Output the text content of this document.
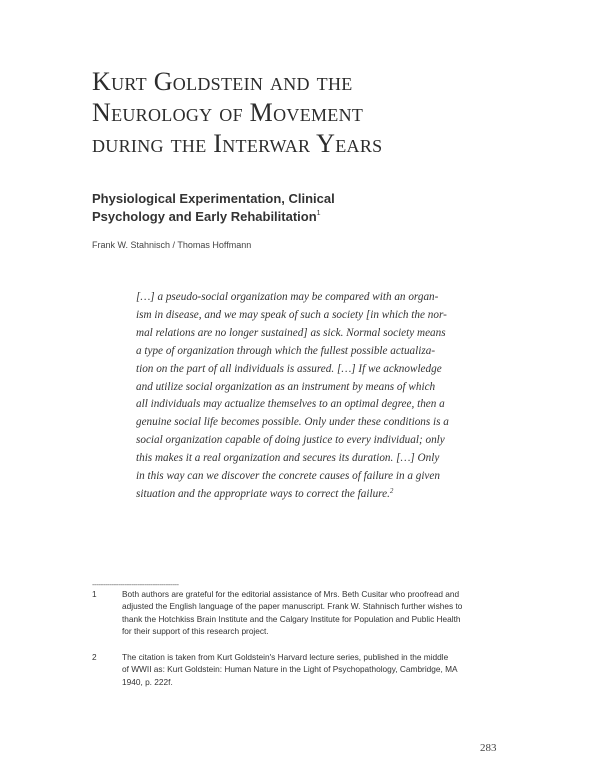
Kurt Goldstein and the
Neurology of Movement
during the Interwar Years
Physiological Experimentation, Clinical
Psychology and Early Rehabilitation$^1$
Frank W. Stahnisch / Thomas Hoffmann
[…] a pseudo-social organization may be compared with an organ-
ism in disease, and we may speak of such a society [in which the nor-
mal relations are no longer sustained] as sick. Normal society means
a type of organization through which the fullest possible actualiza-
tion on the part of all individuals is assured. […] If we acknowledge
and utilize social organization as an instrument by means of which
all individuals may actualize themselves to an optimal degree, then a
genuine social life becomes possible. Only under these conditions is a
social organization capable of doing justice to every individual; only
this makes it a real organization and secures its duration. […] Only
in this way can we discover the concrete causes of failure in a given
situation and the appropriate ways to correct the failure.$^2$
----------------------------------------
1	Both authors are grateful for the editorial assistance of Mrs. Beth Cusitar who proofread and
adjusted the English language of the paper manuscript. Frank W. Stahnisch further wishes to
thank the Hotchkiss Brain Institute and the Calgary Institute for Population and Public Health
for their support of this research project.
2	The citation is taken from Kurt Goldstein's Harvard lecture series, published in the middle
of WWII as: Kurt Goldstein: Human Nature in the Light of Psychopathology, Cambridge, MA
1940, p. 222f.
283
